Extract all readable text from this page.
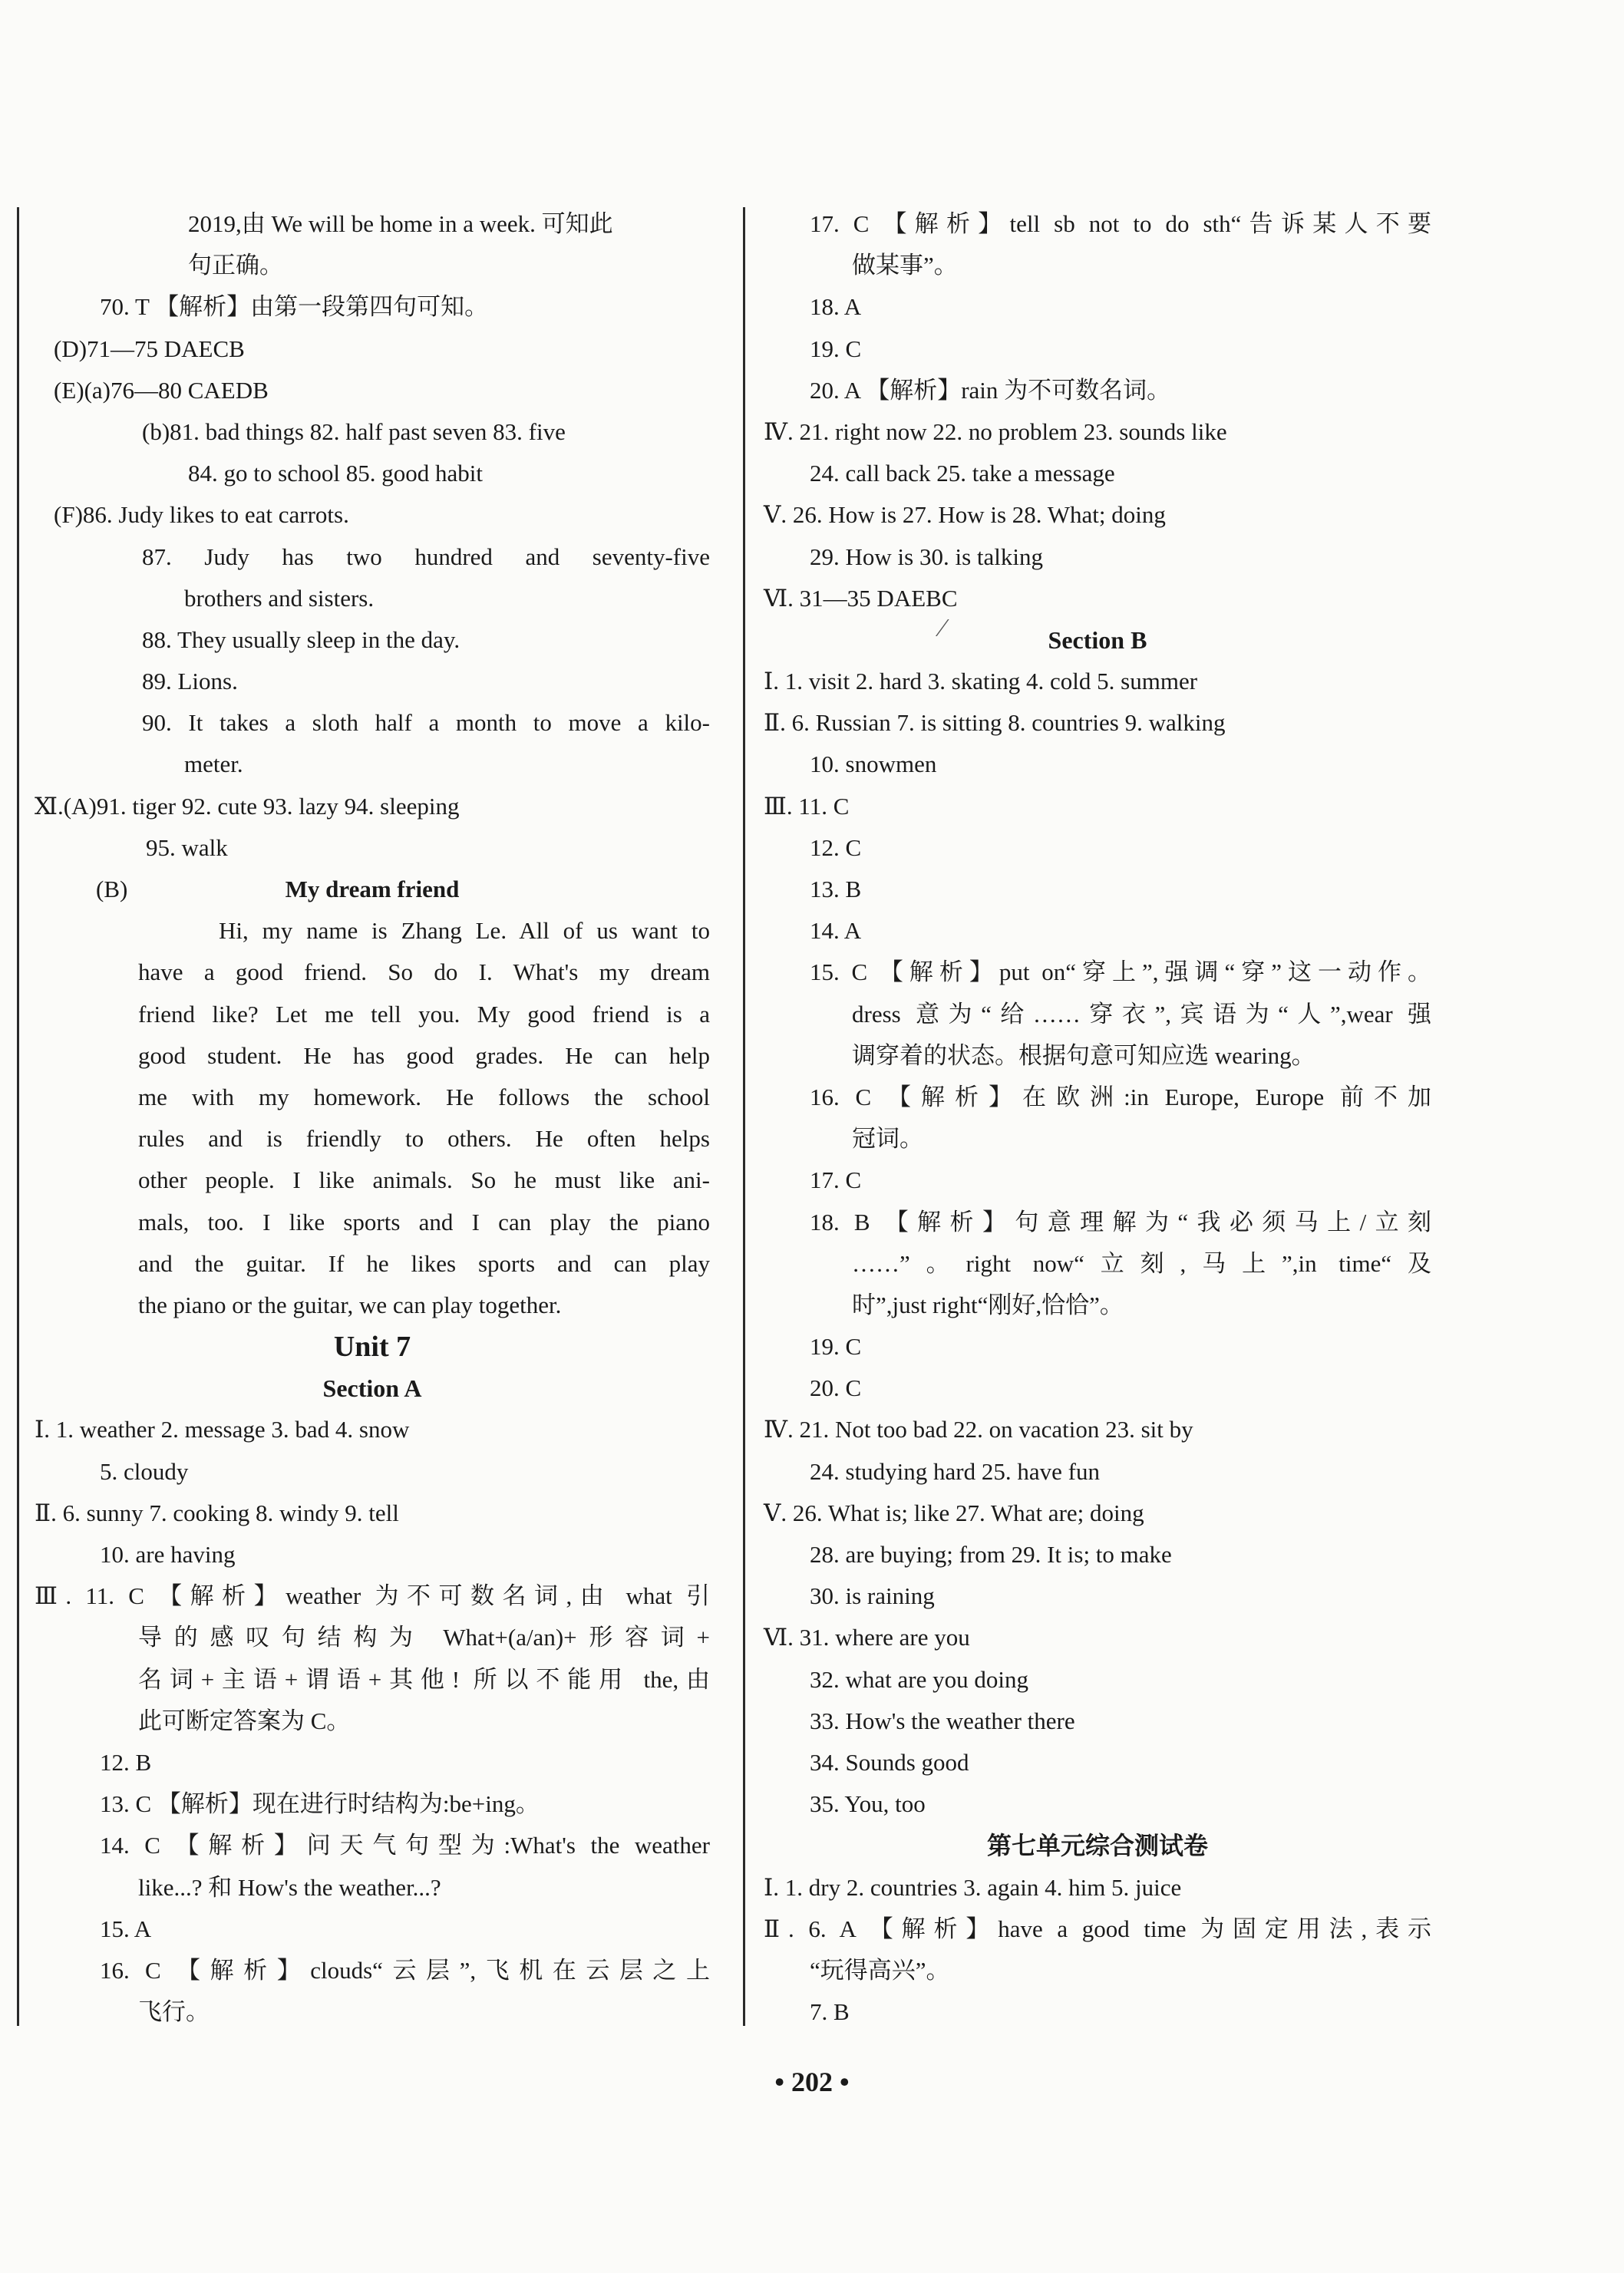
2019,由 We will be home in a week. 可知此
句正确。
70. T 【解析】由第一段第四句可知。
(D)71—75 DAECB
(E)(a)76—80 CAEDB
(b)81. bad things 82. half past seven 83. five
84. go to school 85. good habit
(F)86. Judy likes to eat carrots.
87. Judy has two hundred and seventy-five
brothers and sisters.
88. They usually sleep in the day.
89. Lions.
90. It takes a sloth half a month to move a kilo-
meter.
Ⅺ.(A)91. tiger 92. cute 93. lazy 94. sleeping
95. walk
(B)	My dream friend
Hi, my name is Zhang Le. All of us want to
have a good friend. So do I. What's my dream
friend like? Let me tell you. My good friend is a
good student. He has good grades. He can help
me with my homework. He follows the school
rules and is friendly to others. He often helps
other people. I like animals. So he must like ani-
mals, too. I like sports and I can play the piano
and the guitar. If he likes sports and can play
the piano or the guitar, we can play together.
Unit 7
Section A
Ⅰ. 1. weather 2. message 3. bad 4. snow
5. cloudy
Ⅱ. 6. sunny 7. cooking 8. windy 9. tell
10. are having
Ⅲ. 11. C 【解析】weather 为不可数名词,由 what 引
导的感叹句结构为 What+(a/an)+形容词+
名词+主语+谓语+其他! 所以不能用 the,由
此可断定答案为 C。
12. B
13. C 【解析】现在进行时结构为:be+ing。
14. C 【解析】问天气句型为:What's the weather
like...? 和 How's the weather...?
15. A
16. C 【解析】clouds“云层”,飞机在云层之上
飞行。
17. C 【解析】tell sb not to do sth“告诉某人不要
做某事”。
18. A
19. C
20. A 【解析】rain 为不可数名词。
Ⅳ. 21. right now 22. no problem 23. sounds like
24. call back 25. take a message
Ⅴ. 26. How is 27. How is 28. What; doing
29. How is 30. is talking
Ⅵ. 31—35 DAEBC
Section B
Ⅰ. 1. visit 2. hard 3. skating 4. cold 5. summer
Ⅱ. 6. Russian 7. is sitting 8. countries 9. walking
10. snowmen
Ⅲ. 11. C
12. C
13. B
14. A
15. C 【解析】put on“穿上”,强调“穿”这一动作。
dress 意为“给……穿衣”,宾语为“人”,wear 强
调穿着的状态。根据句意可知应选 wearing。
16. C 【解析】在欧洲:in Europe, Europe 前不加
冠词。
17. C
18. B 【解析】句意理解为“我必须马上/立刻
……”。right now“立刻,马上”,in time“及
时”,just right“刚好,恰恰”。
19. C
20. C
Ⅳ. 21. Not too bad 22. on vacation 23. sit by
24. studying hard 25. have fun
Ⅴ. 26. What is; like 27. What are; doing
28. are buying; from 29. It is; to make
30. is raining
Ⅵ. 31. where are you
32. what are you doing
33. How's the weather there
34. Sounds good
35. You, too
第七单元综合测试卷
Ⅰ. 1. dry 2. countries 3. again 4. him 5. juice
Ⅱ. 6. A 【解析】have a good time 为固定用法,表示
“玩得高兴”。
7. B
⁄
• 202 •
